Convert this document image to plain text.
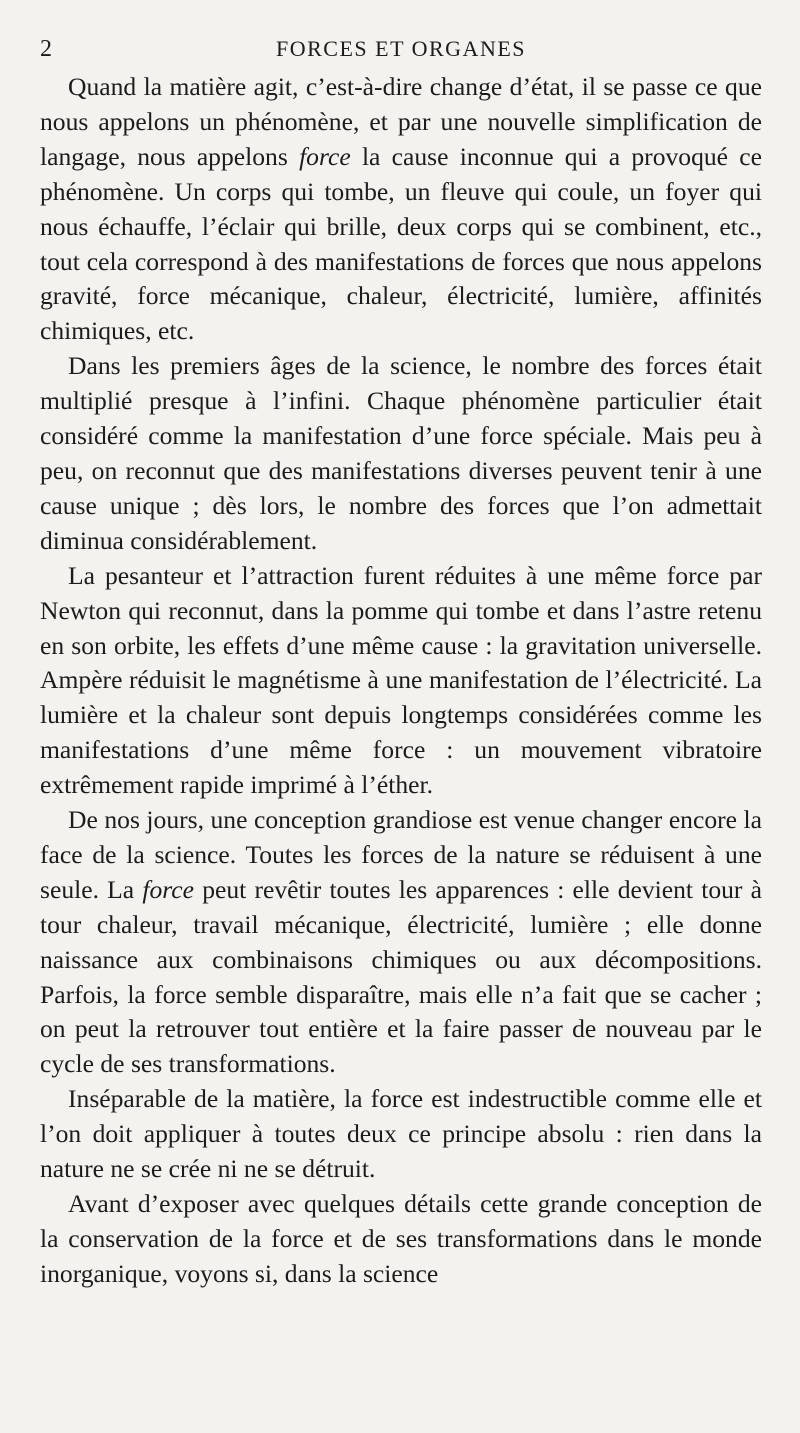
2	FORCES ET ORGANES

Quand la matière agit, c’est-à-dire change d’état, il se passe ce que nous appelons un phénomène, et par une nouvelle simplification de langage, nous appelons force la cause inconnue qui a provoqué ce phénomène. Un corps qui tombe, un fleuve qui coule, un foyer qui nous échauffe, l’éclair qui brille, deux corps qui se combinent, etc., tout cela correspond à des manifestations de forces que nous appelons gravité, force mécanique, chaleur, électricité, lumière, affinités chimiques, etc.

Dans les premiers âges de la science, le nombre des forces était multiplié presque à l’infini. Chaque phénomène particulier était considéré comme la manifestation d’une force spéciale. Mais peu à peu, on reconnut que des manifestations diverses peuvent tenir à une cause unique ; dès lors, le nombre des forces que l’on admettait diminua considérablement.

La pesanteur et l’attraction furent réduites à une même force par Newton qui reconnut, dans la pomme qui tombe et dans l’astre retenu en son orbite, les effets d’une même cause : la gravitation universelle. Ampère réduisit le magnétisme à une manifestation de l’électricité. La lumière et la chaleur sont depuis longtemps considérées comme les manifestations d’une même force : un mouvement vibratoire extrêmement rapide imprimé à l’éther.

De nos jours, une conception grandiose est venue changer encore la face de la science. Toutes les forces de la nature se réduisent à une seule. La force peut revêtir toutes les apparences : elle devient tour à tour chaleur, travail mécanique, électricité, lumière ; elle donne naissance aux combinaisons chimiques ou aux décompositions. Parfois, la force semble disparaître, mais elle n’a fait que se cacher ; on peut la retrouver tout entière et la faire passer de nouveau par le cycle de ses transformations.

Inséparable de la matière, la force est indestructible comme elle et l’on doit appliquer à toutes deux ce principe absolu : rien dans la nature ne se crée ni ne se détruit.

Avant d’exposer avec quelques détails cette grande conception de la conservation de la force et de ses transformations dans le monde inorganique, voyons si, dans la science
